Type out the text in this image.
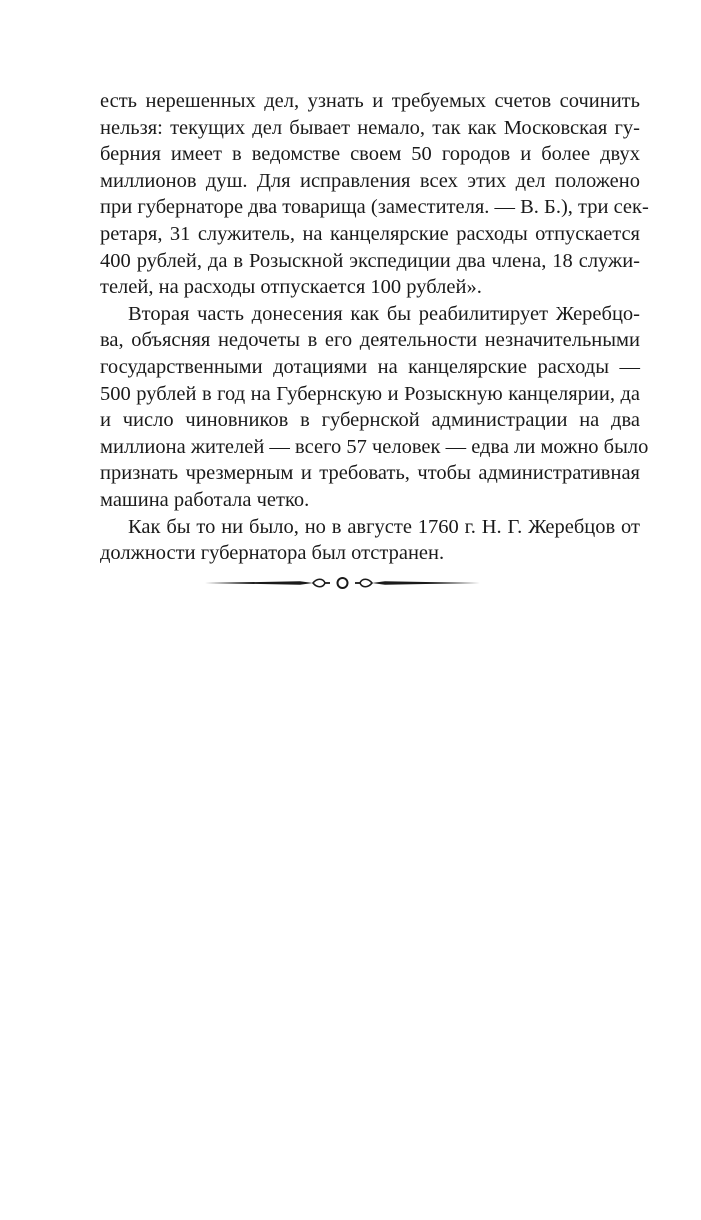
есть нерешенных дел, узнать и требуемых счетов сочинить
нельзя: текущих дел бывает немало, так как Московская гу-
берния имеет в ведомстве своем 50 городов и более двух
миллионов душ. Для исправления всех этих дел положено
при губернаторе два товарища (заместителя. — В. Б.), три сек-
ретаря, 31 служитель, на канцелярские расходы отпускается
400 рублей, да в Розыскной экспедиции два члена, 18 служи-
телей, на расходы отпускается 100 рублей».
Вторая часть донесения как бы реабилитирует Жеребцо-
ва, объясняя недочеты в его деятельности незначительными
государственными дотациями на канцелярские расходы —
500 рублей в год на Губернскую и Розыскную канцелярии, да
и число чиновников в губернской администрации на два
миллиона жителей — всего 57 человек — едва ли можно было
признать чрезмерным и требовать, чтобы административная
машина работала четко.
Как бы то ни было, но в августе 1760 г. Н. Г. Жеребцов от
должности губернатора был отстранен.
